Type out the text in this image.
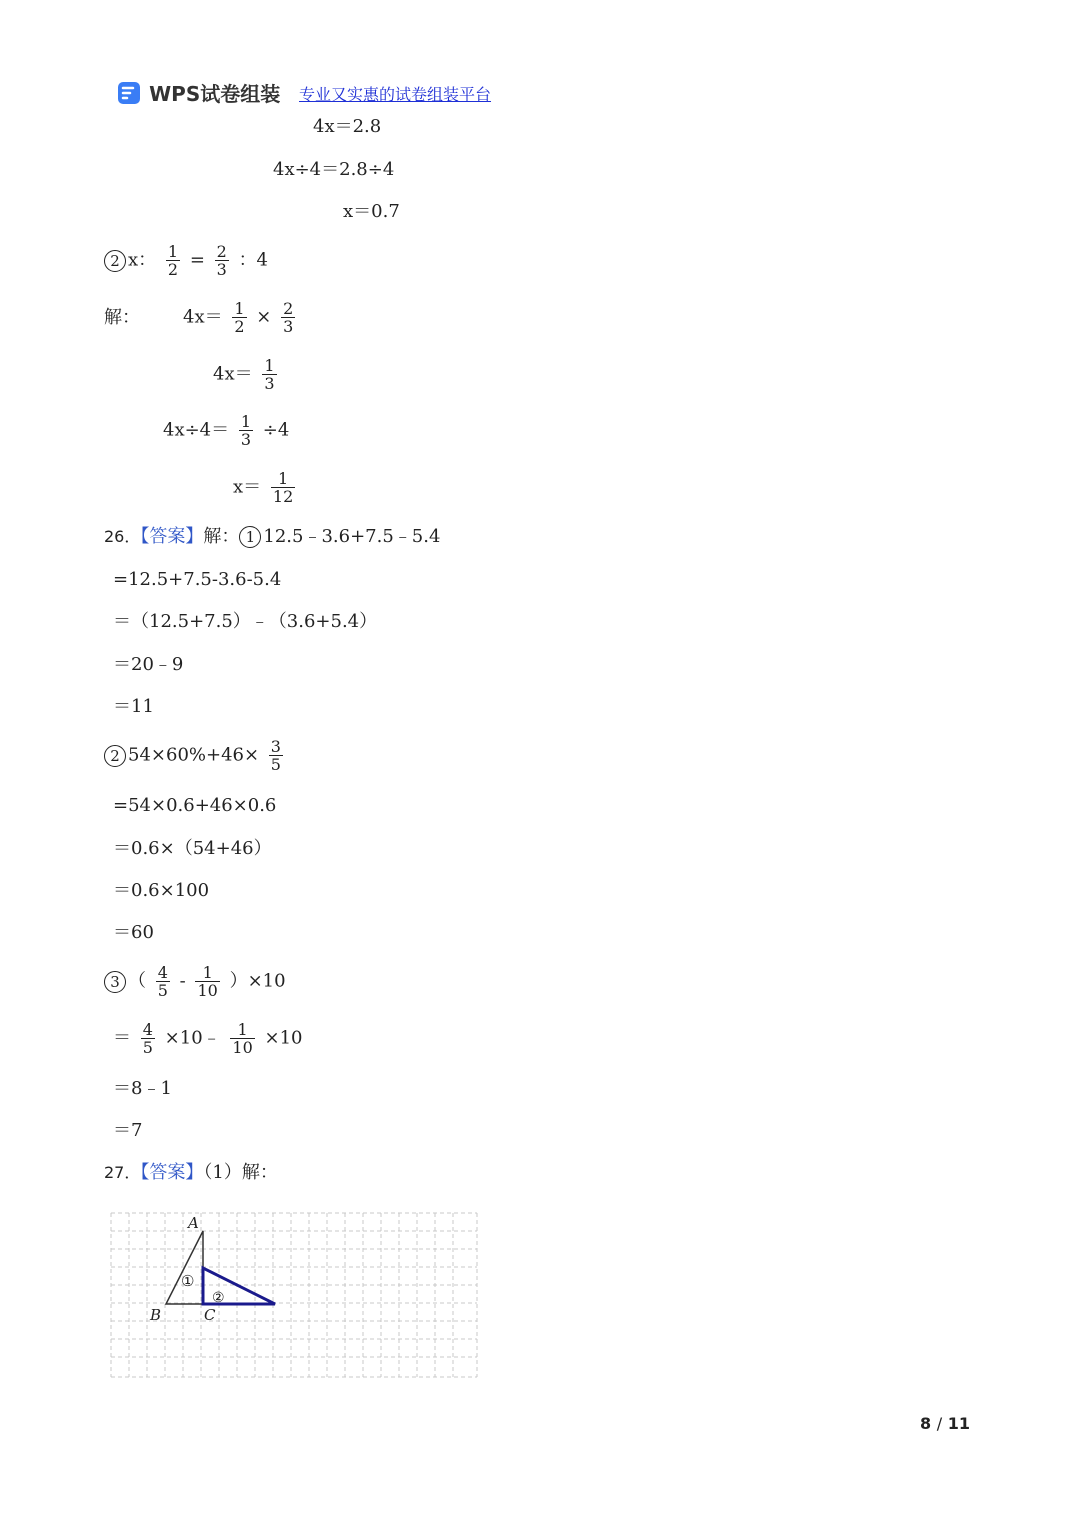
WPS试卷组装 专业又实惠的试卷组装平台
4x＝2.8
4x÷4＝2.8÷4
x＝0.7
2 x： $\frac{1}{2} = \frac{2}{3}$ ：4
解： $4x= \frac{1}{2} \times \frac{2}{3}$
$4x= \frac{1}{3}$
$4x\div 4= \frac{1}{3} \div 4$
$x= \frac{1}{12}$
26．【答案】解： 1 12.5﹣3.6+7.5﹣5.4
=12.5+7.5-3.6-5.4
＝（12.5+7.5）﹣（3.6+5.4）
＝20﹣9
＝11
2 $54\times 60\%+46\times \frac{3}{5}$
=54×0.6+46×0.6
＝0.6×（54+46）
＝0.6×100
＝60
3 （ $\frac{4}{5} - \frac{1}{10} )\times 10$
＝ $\frac{4}{5}$ ×10﹣ $\frac{1}{10} \times 10$
＝8﹣1
＝7
27．【答案】（1）解：
A
B	C
①
②
8 / 11
